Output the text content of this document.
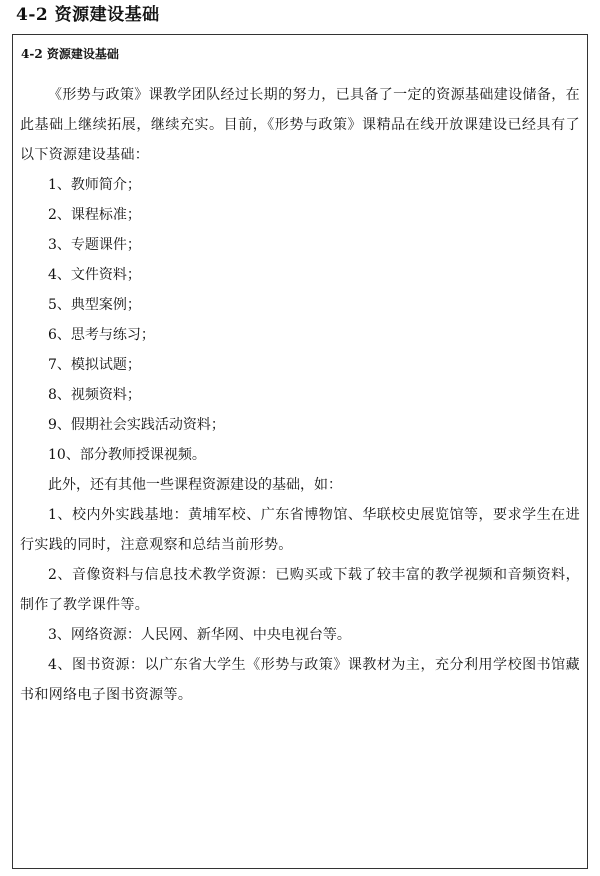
4-2 资源建设基础
4-2 资源建设基础

《形势与政策》课教学团队经过长期的努力，已具备了一定的资源基础建设储备，在此基础上继续拓展，继续充实。目前，《形势与政策》课精品在线开放课建设已经具有了以下资源建设基础：

1、教师简介；

2、课程标准；

3、专题课件；

4、文件资料；

5、典型案例；

6、思考与练习；

7、模拟试题；

8、视频资料；

9、假期社会实践活动资料；

10、部分教师授课视频。

此外，还有其他一些课程资源建设的基础，如：

1、校内外实践基地：黄埔军校、广东省博物馆、华联校史展览馆等，要求学生在进行实践的同时，注意观察和总结当前形势。

2、音像资料与信息技术教学资源：已购买或下载了较丰富的教学视频和音频资料，制作了教学课件等。

3、网络资源：人民网、新华网、中央电视台等。

4、图书资源：以广东省大学生《形势与政策》课教材为主，充分利用学校图书馆藏书和网络电子图书资源等。
